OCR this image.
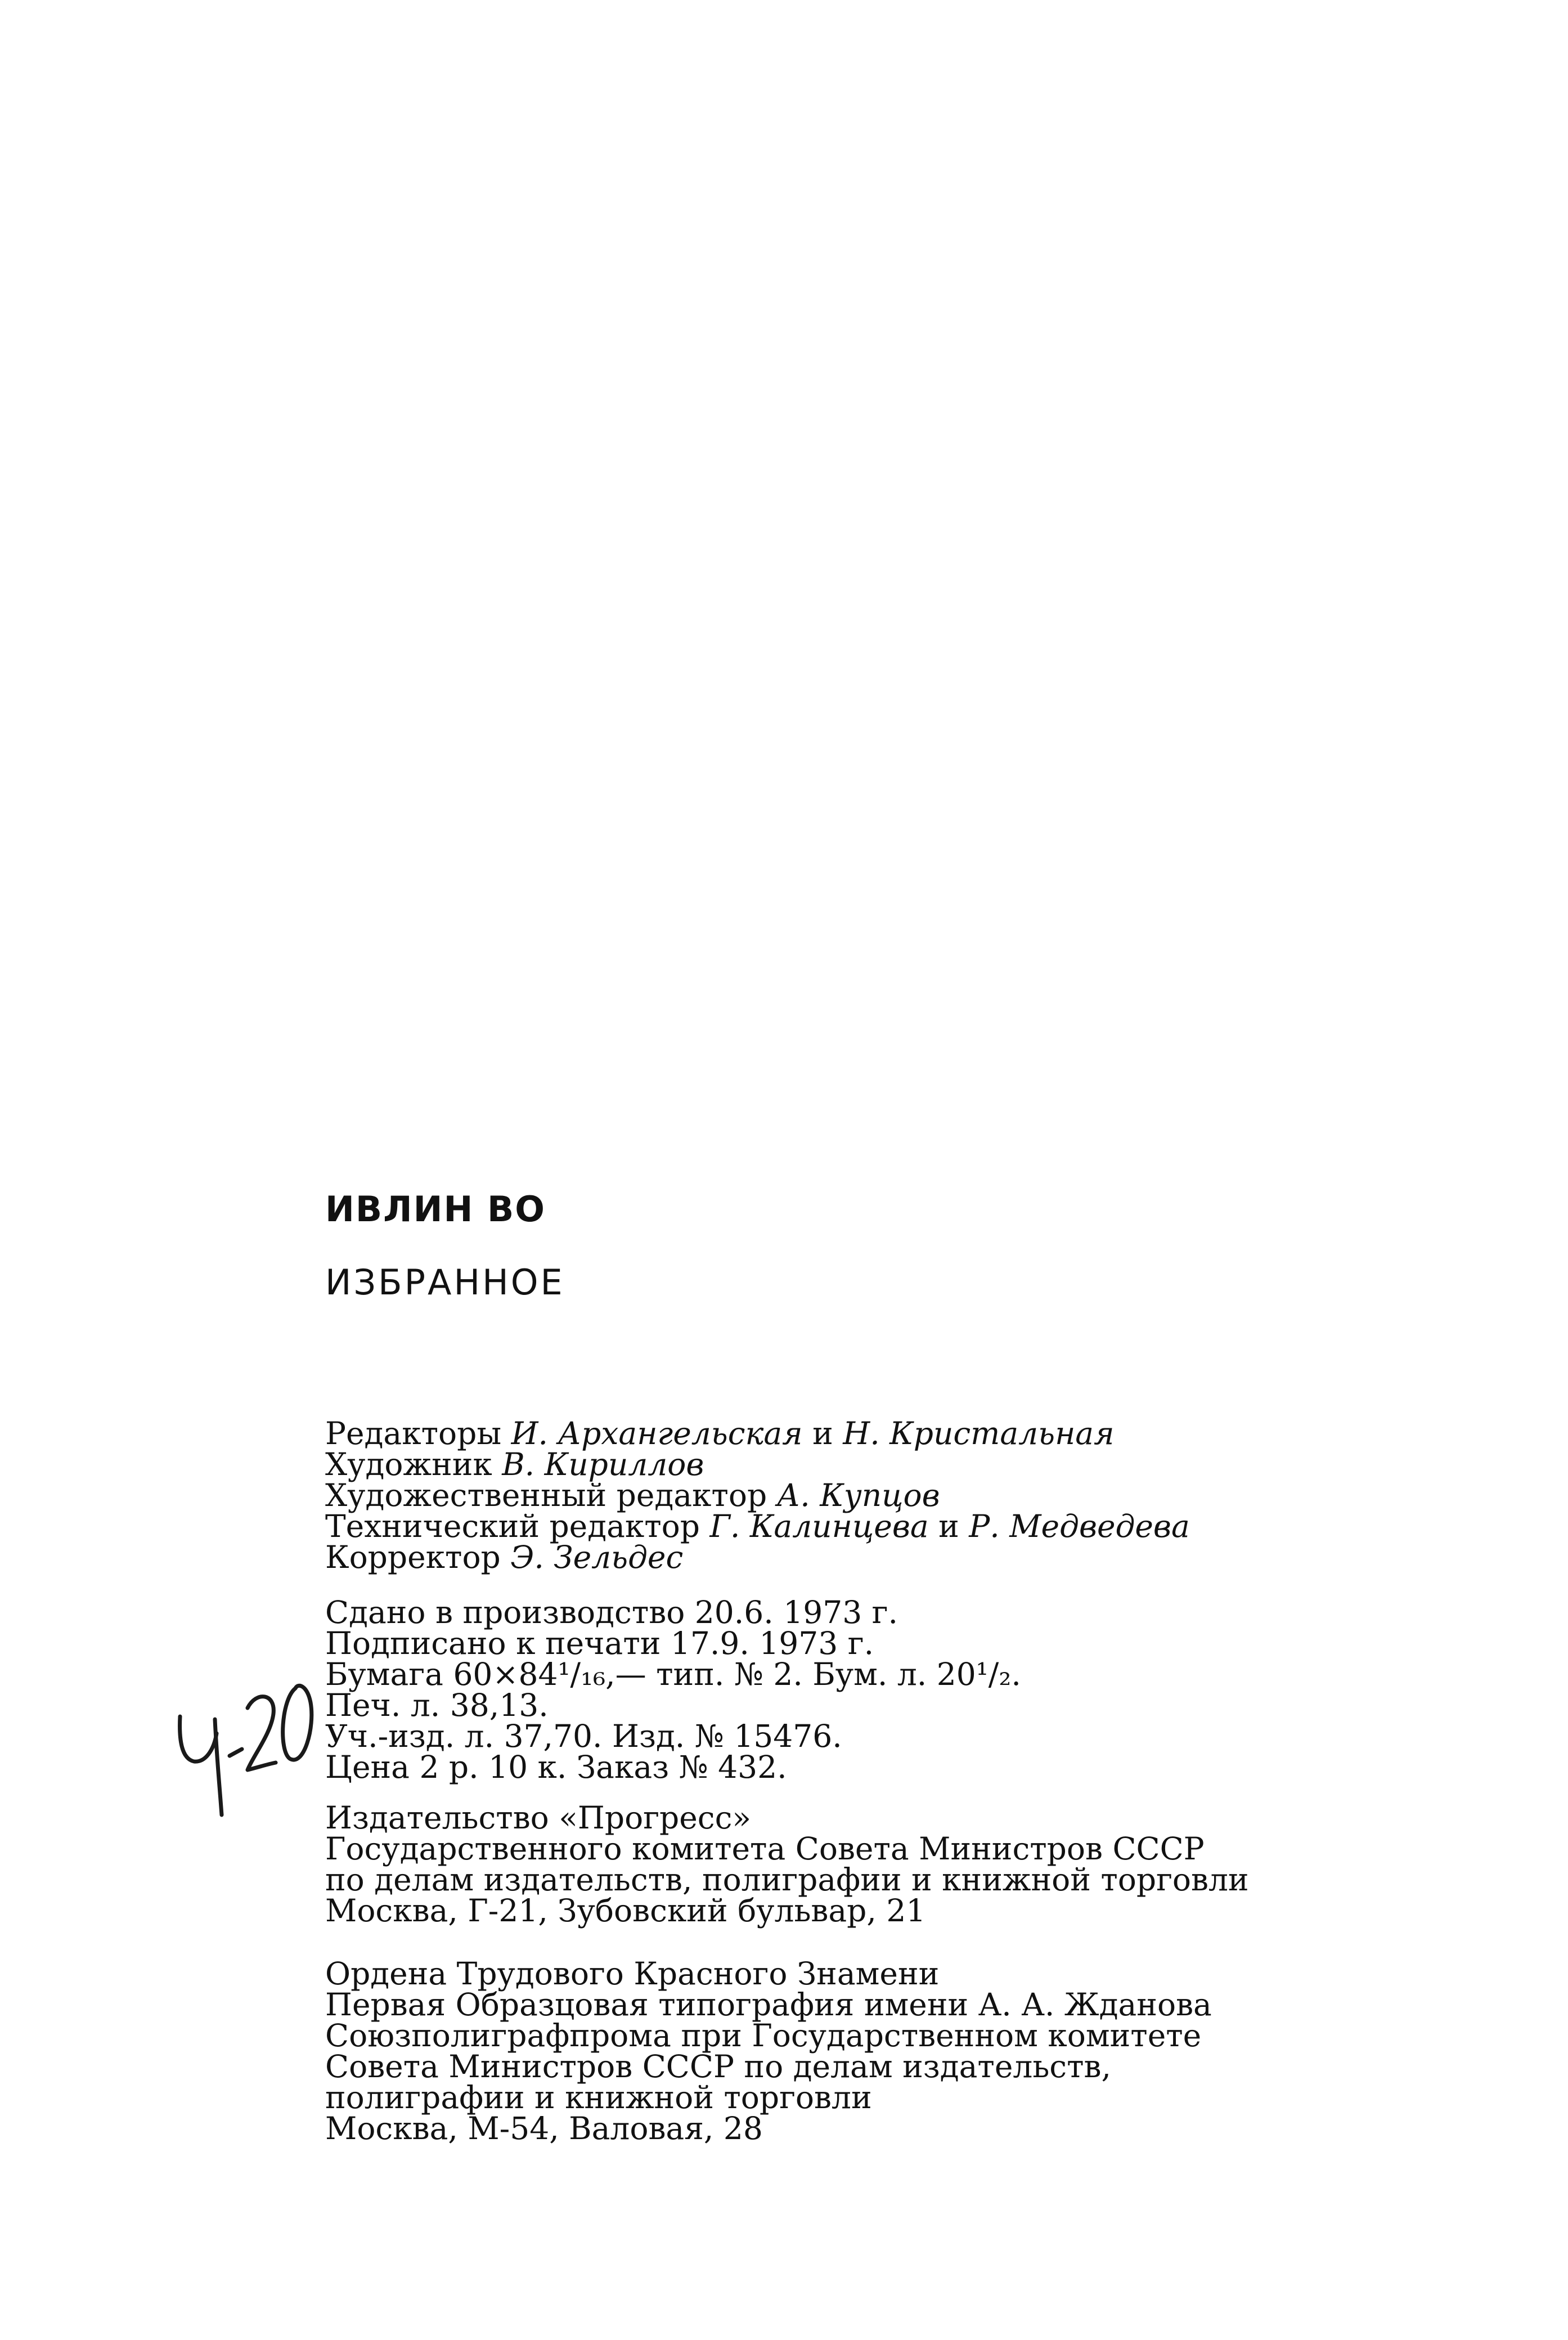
ИВЛИН ВО
ИЗБРАННОЕ
Редакторы И. Архангельская и Н. Кристальная
Художник В. Кириллов
Художественный редактор А. Купцов
Технический редактор Г. Калинцева и Р. Медведева
Корректор Э. Зельдес
Сдано в производство 20.6. 1973 г.
Подписано к печати 17.9. 1973 г.
Бумага 60×84¹/₁₆,— тип. № 2. Бум. л. 20¹/₂.
Печ. л. 38,13.
Уч.-изд. л. 37,70. Изд. № 15476.
Цена 2 р. 10 к. Заказ № 432.
Издательство «Прогресс»
Государственного комитета Совета Министров СССР
по делам издательств, полиграфии и книжной торговли
Москва, Г-21, Зубовский бульвар, 21
Ордена Трудового Красного Знамени
Первая Образцовая типография имени А. А. Жданова
Союзполиграфпрома при Государственном комитете
Совета Министров СССР по делам издательств,
полиграфии и книжной торговли
Москва, М-54, Валовая, 28
